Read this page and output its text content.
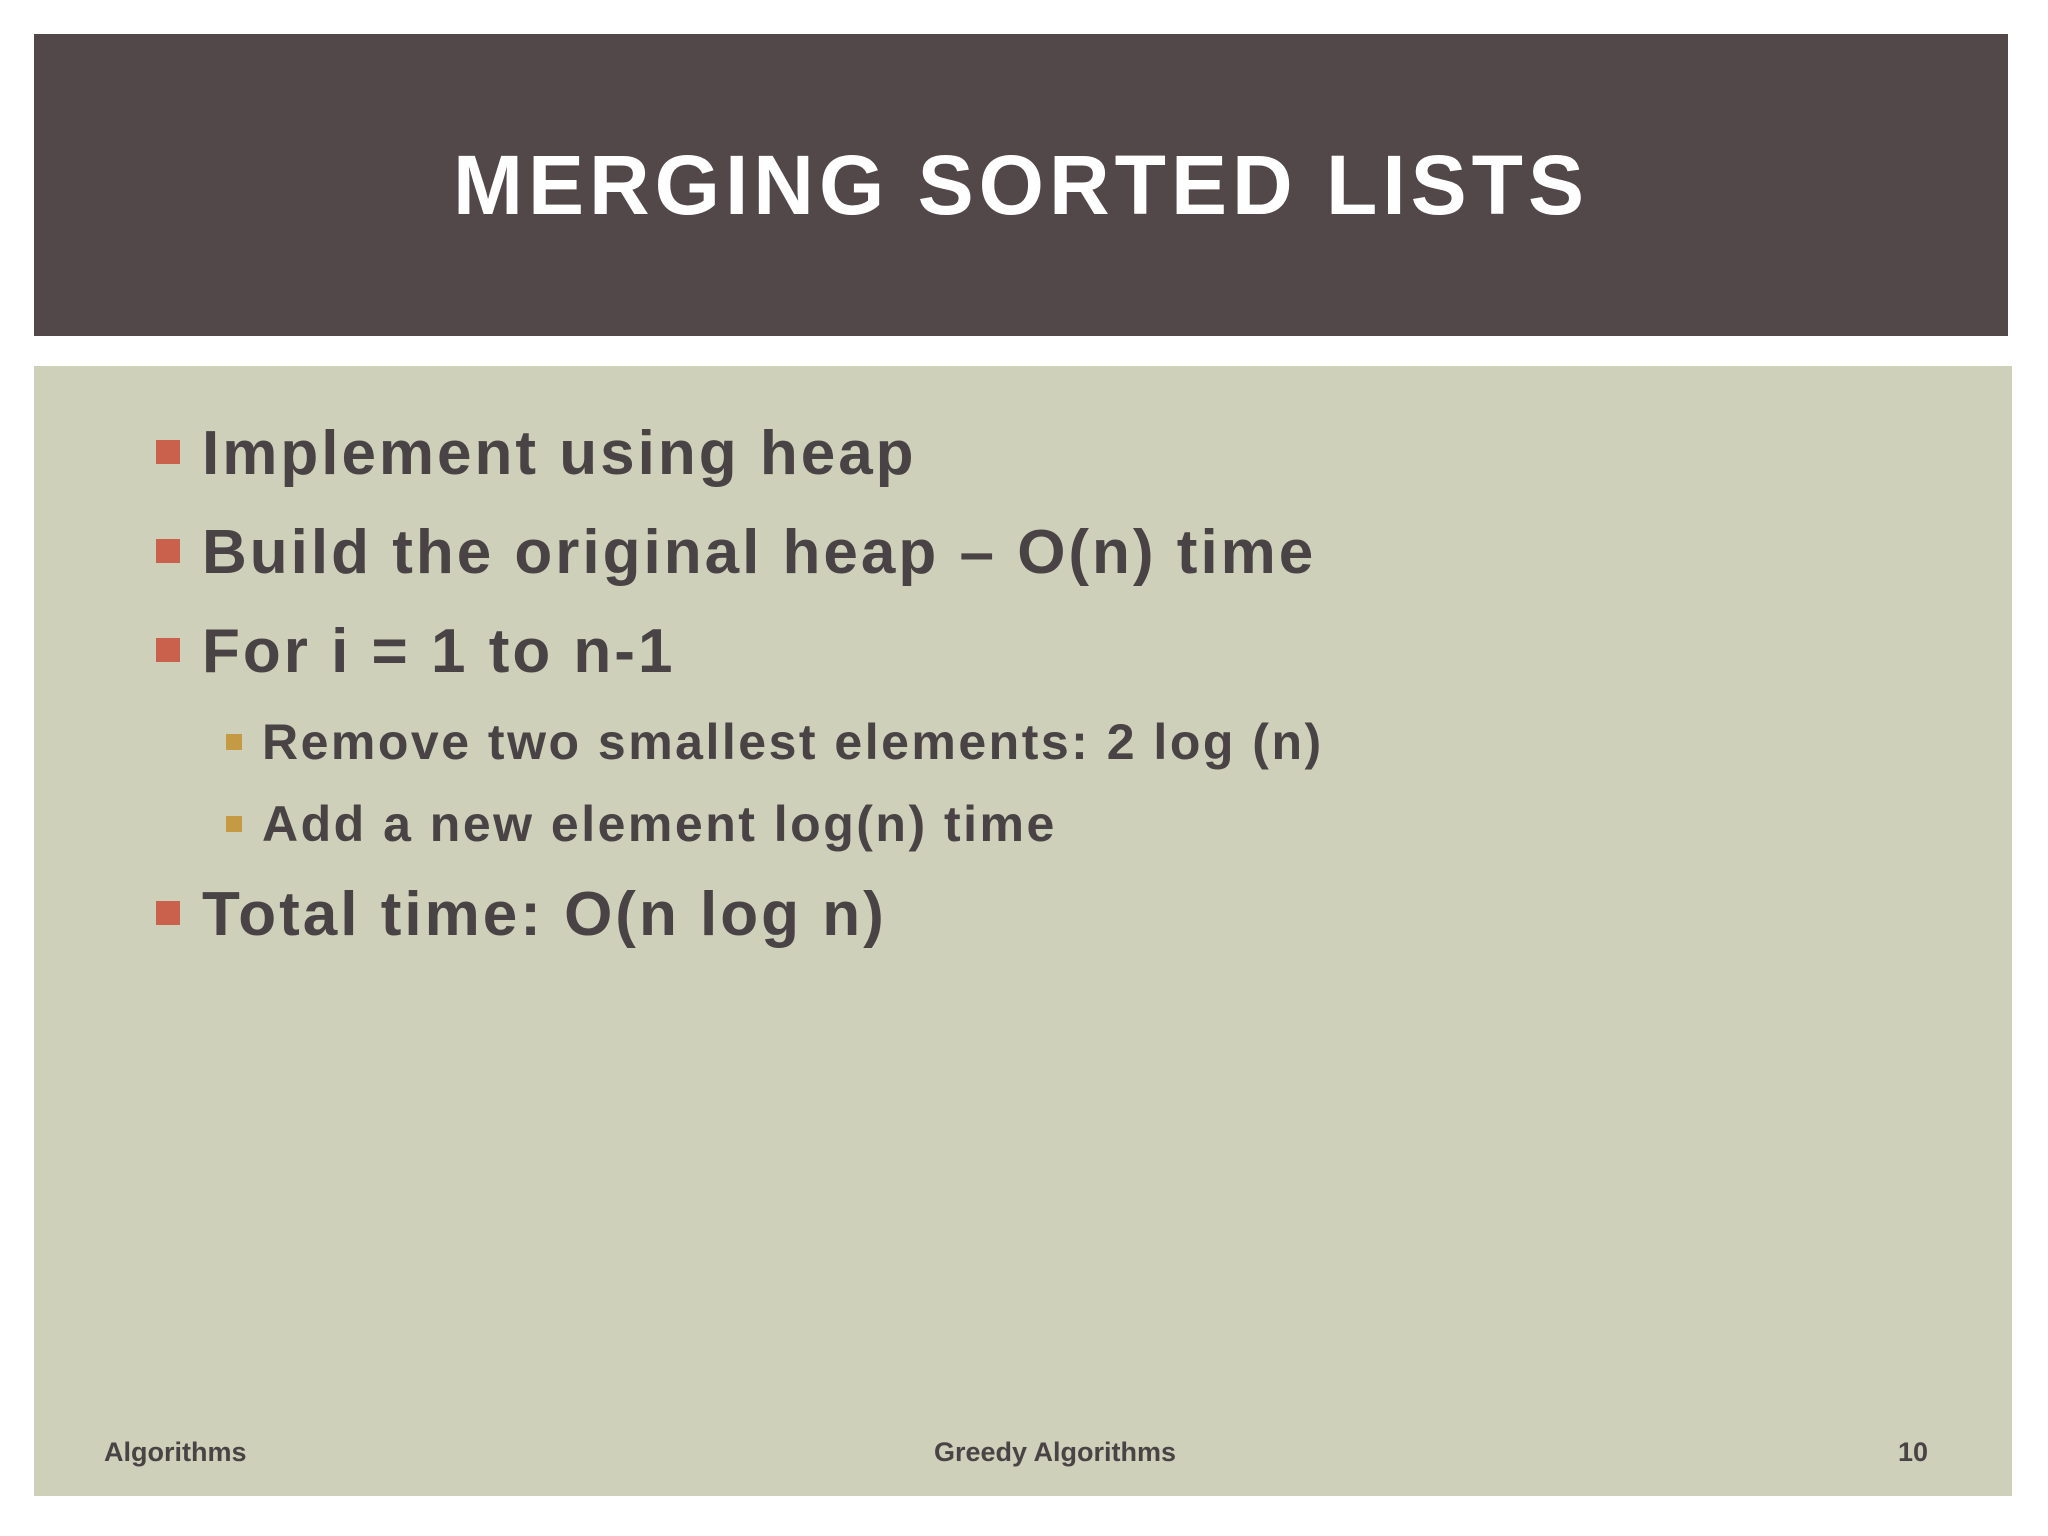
MERGING SORTED LISTS
Implement using heap
Build the original heap – O(n) time
For i = 1 to n-1
Remove two smallest elements: 2 log (n)
Add a new element log(n) time
Total time: O(n log n)
Algorithms	Greedy Algorithms	10
